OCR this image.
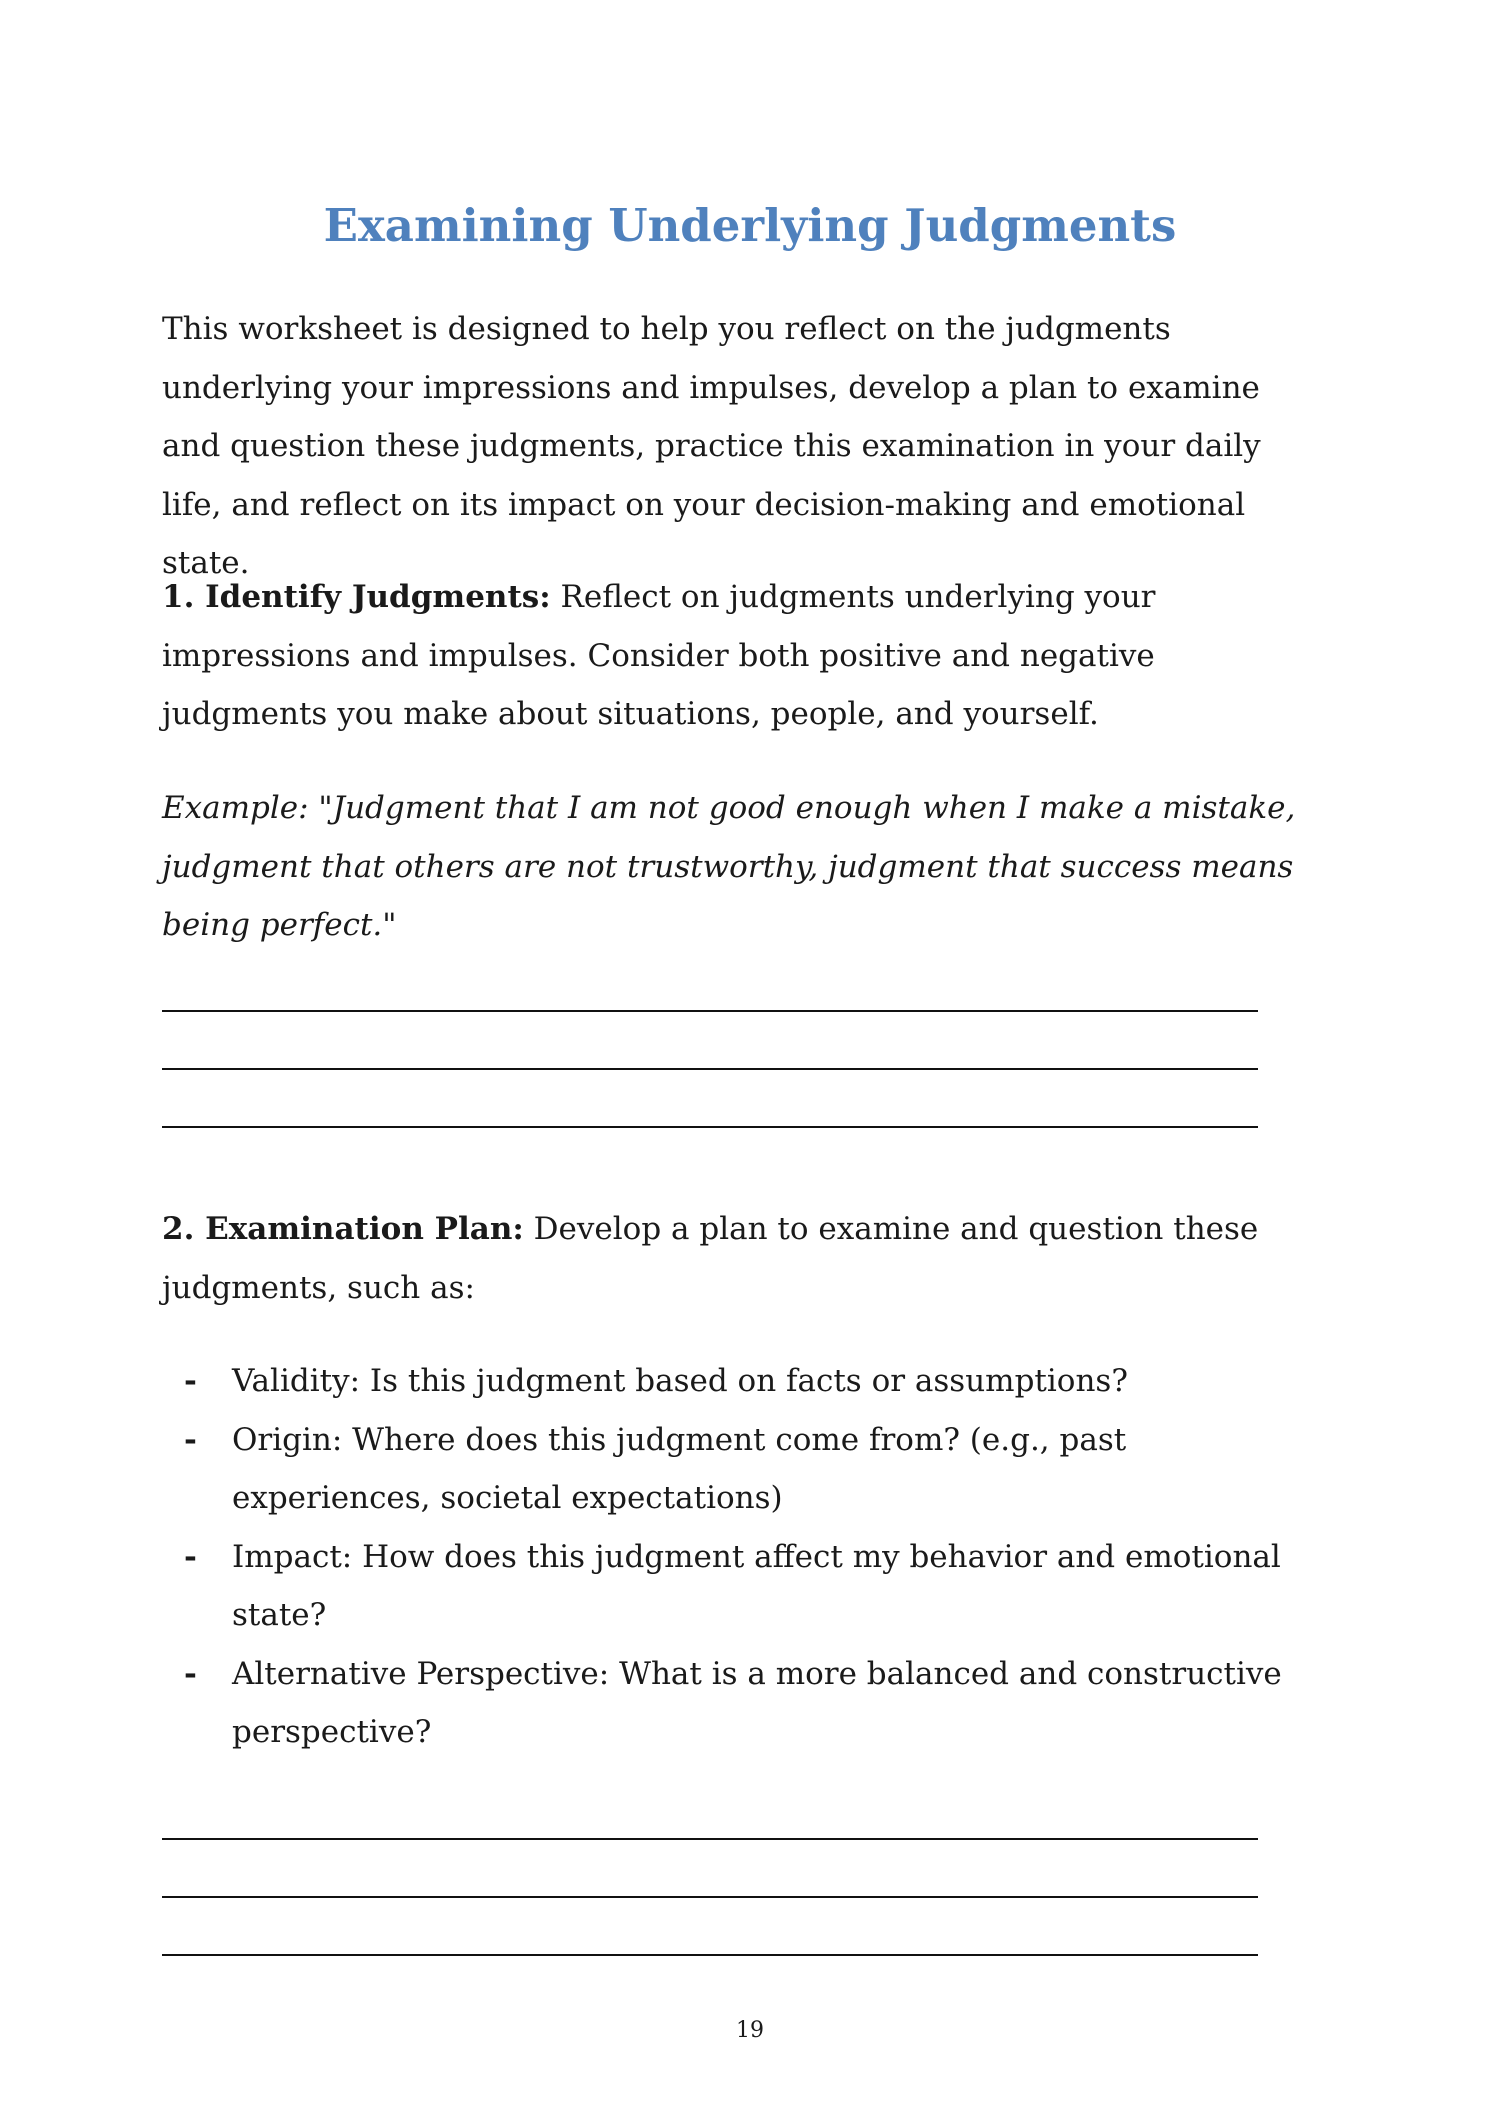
Examining Underlying Judgments

This worksheet is designed to help you reflect on the judgments underlying your impressions and impulses, develop a plan to examine and question these judgments, practice this examination in your daily life, and reflect on its impact on your decision-making and emotional state.

1. Identify Judgments: Reflect on judgments underlying your impressions and impulses. Consider both positive and negative judgments you make about situations, people, and yourself.

Example: "Judgment that I am not good enough when I make a mistake, judgment that others are not trustworthy, judgment that success means being perfect."

2. Examination Plan: Develop a plan to examine and question these judgments, such as:

- Validity: Is this judgment based on facts or assumptions?
- Origin: Where does this judgment come from? (e.g., past experiences, societal expectations)
- Impact: How does this judgment affect my behavior and emotional state?
- Alternative Perspective: What is a more balanced and constructive perspective?
19
